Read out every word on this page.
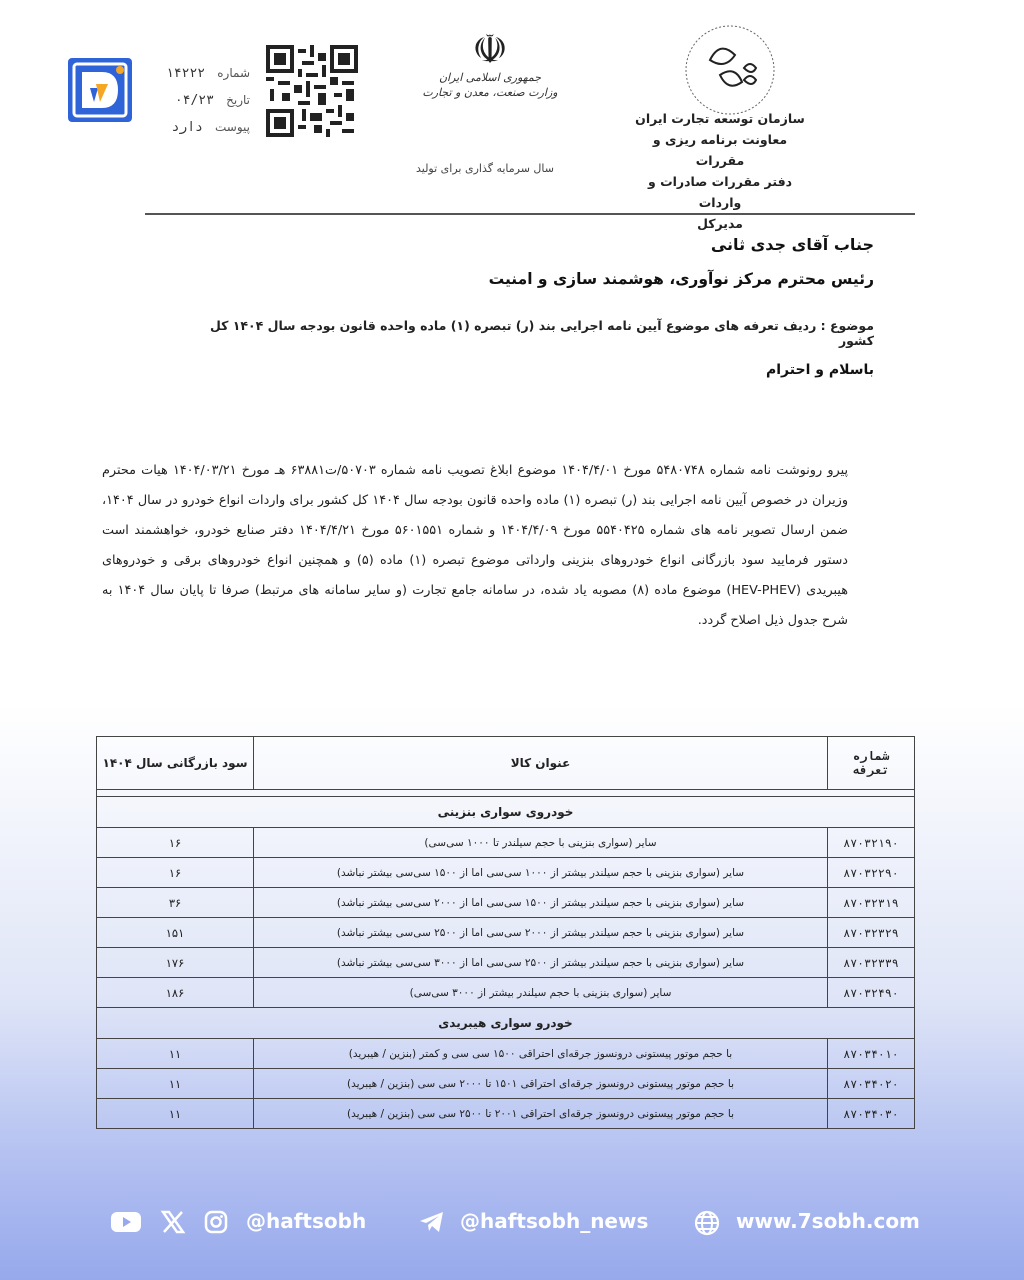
شماره ۱۴۲۲۲
تاریخ ۰۴/۲۳
پیوست دارد
☫
جمهوری اسلامی ایران
وزارت صنعت، معدن و تجارت
سال سرمایه گذاری برای تولید
سازمان توسعه تجارت ایران
معاونت برنامه ریزی و مقررات
دفتر مقررات صادرات و واردات
مدیرکل
جناب آقای جدی ثانی
رئیس محترم مرکز نوآوری، هوشمند سازی و امنیت
موضوع : ردیف تعرفه های موضوع آیین نامه اجرایی بند (ر) تبصره (۱) ماده واحده قانون بودجه سال ۱۴۰۴ کل کشور
باسلام و احترام
پیرو رونوشت نامه شماره ۵۴۸۰۷۴۸ مورخ ۱۴۰۴/۴/۰۱ موضوع ابلاغ تصویب نامه شماره ۵۰۷۰۳/ت۶۳۸۸۱ هـ مورخ ۱۴۰۴/۰۳/۲۱ هیات محترم وزیران در خصوص آیین نامه اجرایی بند (ر) تبصره (۱) ماده واحده قانون بودجه سال ۱۴۰۴ کل کشور برای واردات انواع خودرو در سال ۱۴۰۴، ضمن ارسال تصویر نامه های شماره ۵۵۴۰۴۲۵ مورخ ۱۴۰۴/۴/۰۹ و شماره ۵۶۰۱۵۵۱ مورخ ۱۴۰۴/۴/۲۱ دفتر صنایع خودرو، خواهشمند است دستور فرمایید سود بازرگانی انواع خودروهای بنزینی وارداتی موضوع تبصره (۱) ماده (۵) و همچنین انواع خودروهای برقی و خودروهای هیبریدی (HEV-PHEV) موضوع ماده (۸) مصوبه یاد شده، در سامانه جامع تجارت (و سایر سامانه های مرتبط) صرفا تا پایان سال ۱۴۰۴ به شرح جدول ذیل اصلاح گردد.
شماره تعرفه	عنوان کالا	سود بازرگانی سال ۱۴۰۴

خودروی سواری بنزینی		
۸۷۰۳۲۱۹۰	سایر (سواری بنزینی با حجم سیلندر تا ۱۰۰۰ سی‌سی)	۱۶
۸۷۰۳۲۲۹۰	سایر (سواری بنزینی با حجم سیلندر بیشتر از ۱۰۰۰ سی‌سی اما از ۱۵۰۰ سی‌سی بیشتر نباشد)	۱۶
۸۷۰۳۲۳۱۹	سایر (سواری بنزینی با حجم سیلندر بیشتر از ۱۵۰۰ سی‌سی اما از ۲۰۰۰ سی‌سی بیشتر نباشد)	۳۶
۸۷۰۳۲۳۲۹	سایر (سواری بنزینی با حجم سیلندر بیشتر از ۲۰۰۰ سی‌سی اما از ۲۵۰۰ سی‌سی بیشتر نباشد)	۱۵۱
۸۷۰۳۲۳۳۹	سایر (سواری بنزینی با حجم سیلندر بیشتر از ۲۵۰۰ سی‌سی اما از ۳۰۰۰ سی‌سی بیشتر نباشد)	۱۷۶
۸۷۰۳۲۴۹۰	سایر (سواری بنزینی با حجم سیلندر بیشتر از ۳۰۰۰ سی‌سی)	۱۸۶
خودرو سواری هیبریدی		
۸۷۰۳۴۰۱۰	با حجم موتور پیستونی درونسوز جرقه‌ای احتراقی ۱۵۰۰ سی سی و کمتر (بنزین / هیبرید)	۱۱
۸۷۰۳۴۰۲۰	با حجم موتور پیستونی درونسوز جرقه‌ای احتراقی ۱۵۰۱ تا ۲۰۰۰ سی سی (بنزین / هیبرید)	۱۱
۸۷۰۳۴۰۳۰	با حجم موتور پیستونی درونسوز جرقه‌ای احتراقی ۲۰۰۱ تا ۲۵۰۰ سی سی (بنزین / هیبرید)	۱۱
@haftsobh	@haftsobh_news	www.7sobh.com
